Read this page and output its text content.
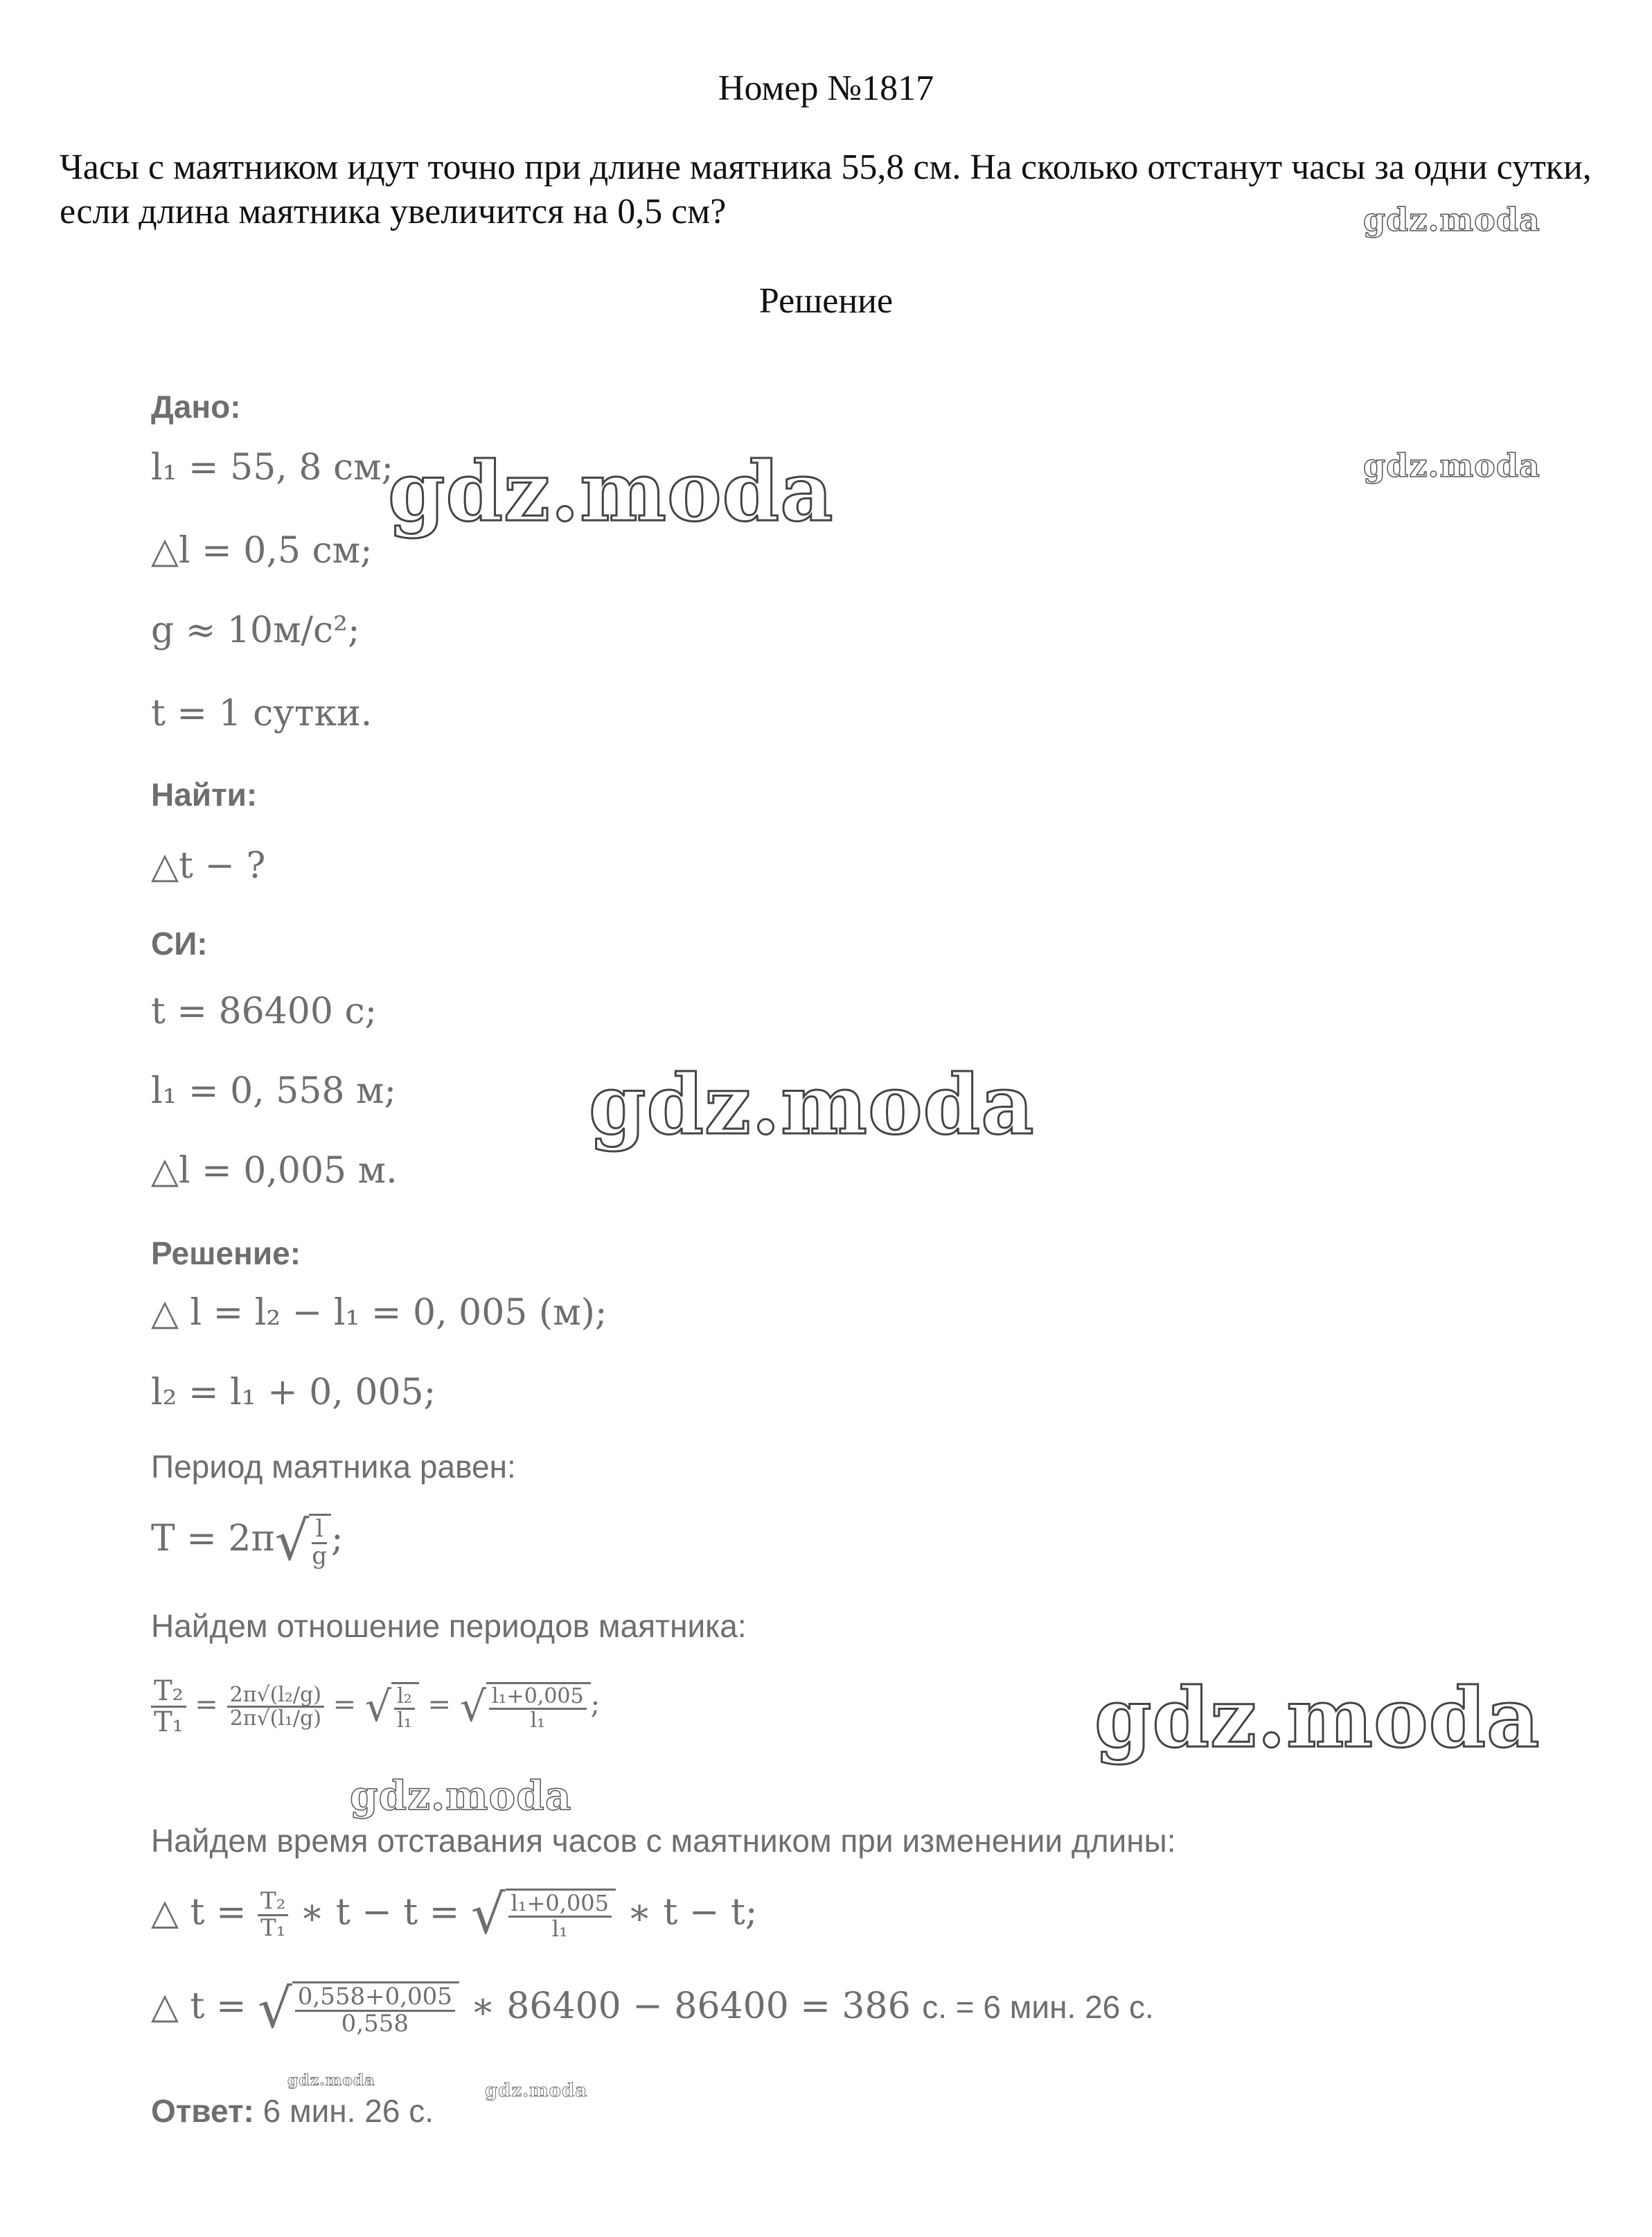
Номер №1817
Часы с маятником идут точно при длине маятника 55,8 см. На сколько отстанут часы за одни сутки, если длина маятника увеличится на 0,5 см?
Решение
Дано:
l₁ = 55, 8 см;
△l = 0,5 см;
g ≈ 10м/с²;
t = 1 сутки.
Найти:
△t − ?
СИ:
t = 86400 с;
l₁ = 0, 558 м;
△l = 0,005 м.
Решение:
△ l = l₂ − l₁ = 0, 005 (м);
l₂ = l₁ + 0, 005;
Период маятника равен:
$T = 2\pi√ \frac{l}{g}$ ;
Найдем отношение периодов маятника:
$\frac{\text{T₂}}{\text{T₁}} = \frac{\text{2π√(l₂/g)}}{\text{2π√(l₁/g)}}$ = √ $\frac{\text{l₂}}{\text{l₁}}$ = √ $\frac{\text{l₁+0,005}}{\text{l₁}}$ ;
Найдем время отставания часов с маятником при изменении длины:
△ $t = \frac{\text{T₂}}{\text{T₁}}$ ∗ t − t = √ $\frac{\text{l₁+0,005}}{\text{l₁}}$ ∗ t − t;
△ t = √ $\frac{0,558+0,005}{0,558}$ ∗ 86400 − 86400 = 386 с. = 6 мин. 26 с.
Ответ: 6 мин. 26 с.
gdz.moda
gdz.moda	gdz.moda
gdz.moda
gdz.moda
gdz.moda
gdz.moda	gdz.moda
